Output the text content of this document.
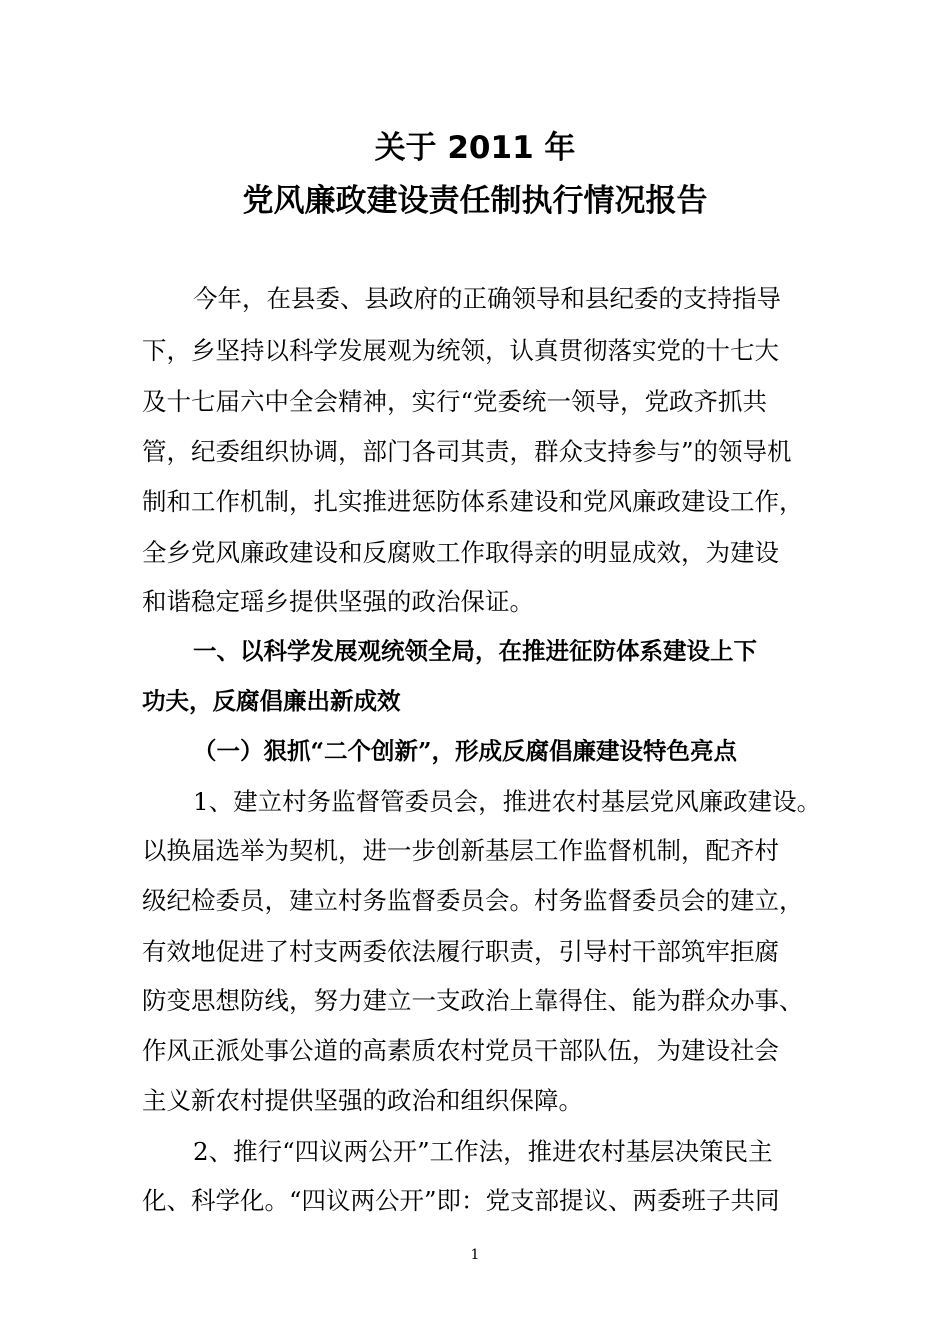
关于 2011 年
党风廉政建设责任制执行情况报告
今年，在县委、县政府的正确领导和县纪委的支持指导
下，乡坚持以科学发展观为统领，认真贯彻落实党的十七大
及十七届六中全会精神，实行“党委统一领导，党政齐抓共
管，纪委组织协调，部门各司其责，群众支持参与”的领导机
制和工作机制，扎实推进惩防体系建设和党风廉政建设工作，
全乡党风廉政建设和反腐败工作取得亲的明显成效，为建设
和谐稳定瑶乡提供坚强的政治保证。
一、以科学发展观统领全局，在推进征防体系建设上下
功夫，反腐倡廉出新成效
（一）狠抓“二个创新”，形成反腐倡廉建设特色亮点
1、建立村务监督管委员会，推进农村基层党风廉政建设。
以换届选举为契机，进一步创新基层工作监督机制，配齐村
级纪检委员，建立村务监督委员会。村务监督委员会的建立，
有效地促进了村支两委依法履行职责，引导村干部筑牢拒腐
防变思想防线，努力建立一支政治上靠得住、能为群众办事、
作风正派处事公道的高素质农村党员干部队伍，为建设社会
主义新农村提供坚强的政治和组织保障。
2、推行“四议两公开”工作法，推进农村基层决策民主
化、科学化。“四议两公开”即：党支部提议、两委班子共同
1
